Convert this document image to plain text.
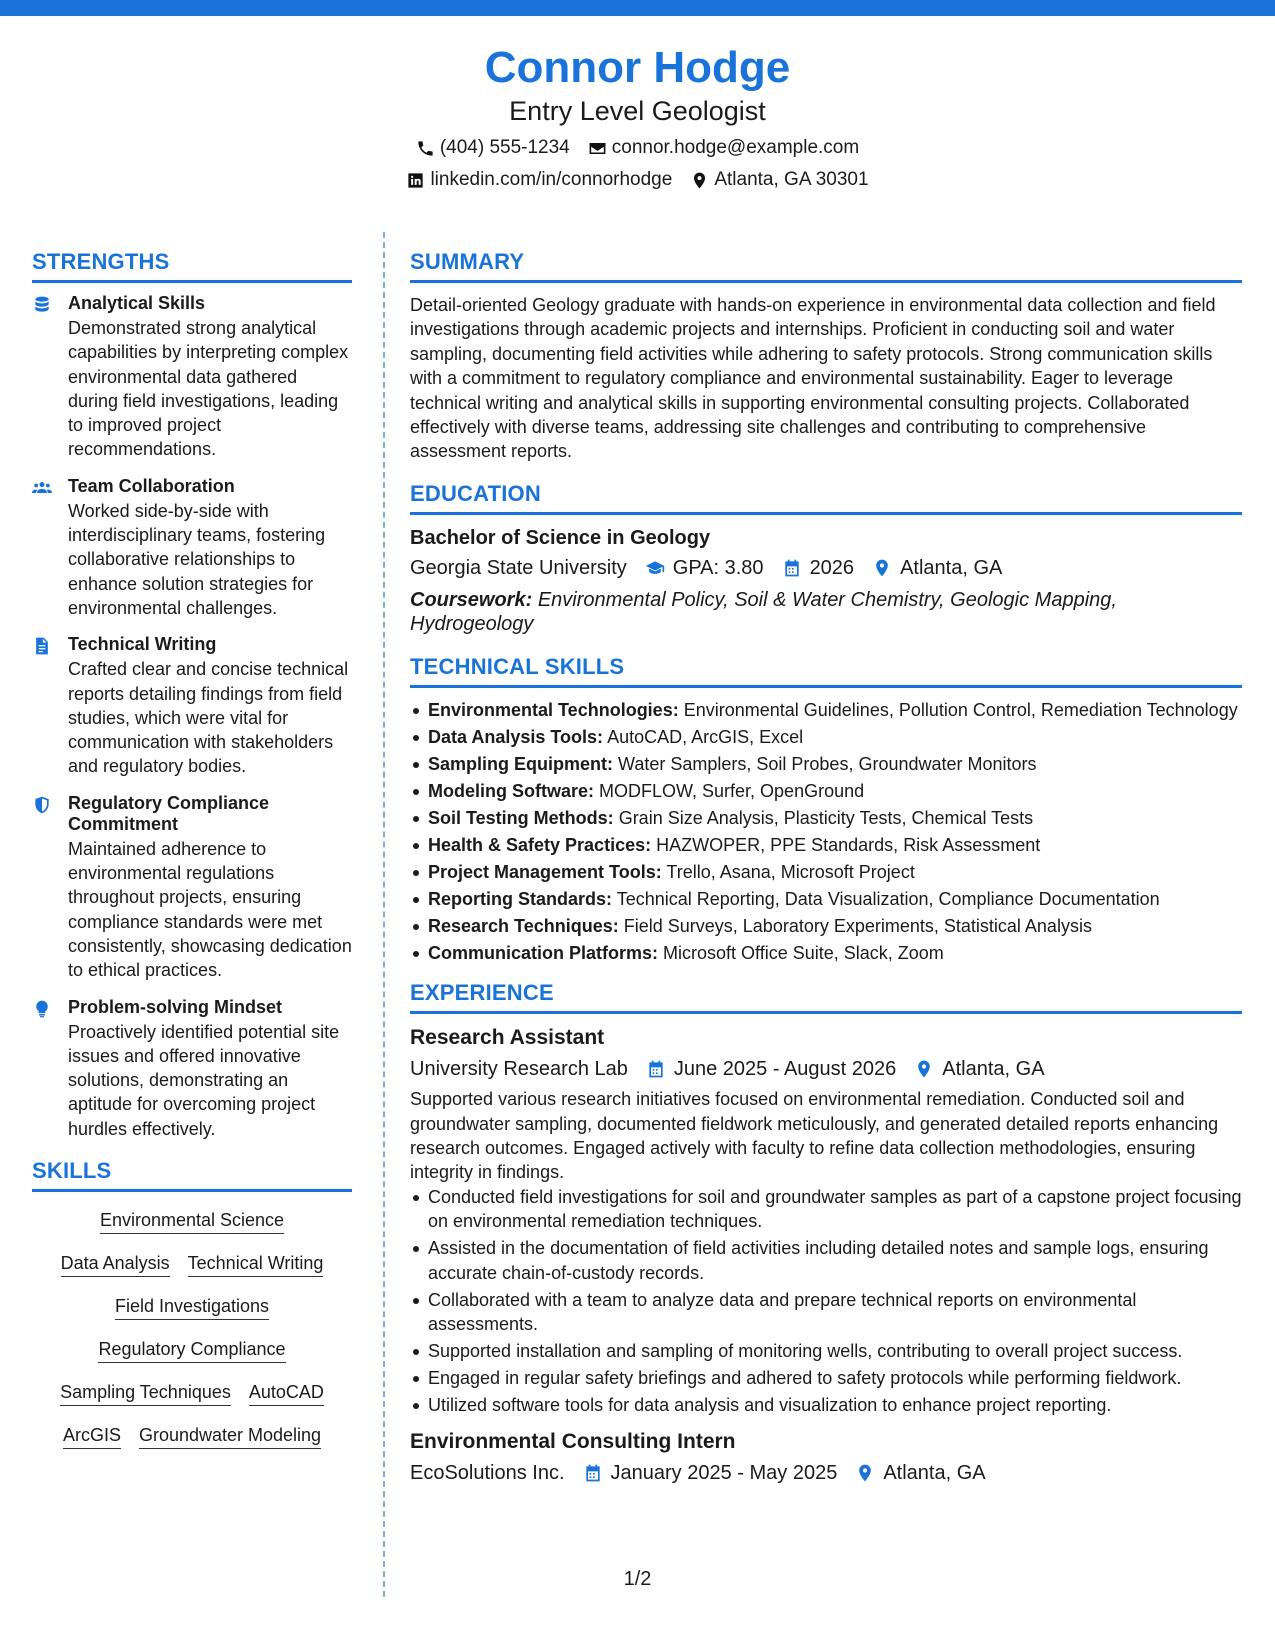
Connor Hodge
Entry Level Geologist
(404) 555-1234 connor.hodge@example.com
linkedin.com/in/connorhodge Atlanta, GA 30301
STRENGTHS
Analytical Skills
Demonstrated strong analytical capabilities by interpreting complex environmental data gathered during field investigations, leading to improved project recommendations.
Team Collaboration
Worked side-by-side with interdisciplinary teams, fostering collaborative relationships to enhance solution strategies for environmental challenges.
Technical Writing
Crafted clear and concise technical reports detailing findings from field studies, which were vital for communication with stakeholders and regulatory bodies.
Regulatory Compliance Commitment
Maintained adherence to environmental regulations throughout projects, ensuring compliance standards were met consistently, showcasing dedication to ethical practices.
Problem-solving Mindset
Proactively identified potential site issues and offered innovative solutions, demonstrating an aptitude for overcoming project hurdles effectively.
SKILLS
Environmental Science
Data Analysis Technical Writing
Field Investigations
Regulatory Compliance
Sampling Techniques AutoCAD
ArcGIS Groundwater Modeling
SUMMARY
Detail-oriented Geology graduate with hands-on experience in environmental data collection and field investigations through academic projects and internships. Proficient in conducting soil and water sampling, documenting field activities while adhering to safety protocols. Strong communication skills with a commitment to regulatory compliance and environmental sustainability. Eager to leverage technical writing and analytical skills in supporting environmental consulting projects. Collaborated effectively with diverse teams, addressing site challenges and contributing to comprehensive assessment reports.
EDUCATION
Bachelor of Science in Geology
Georgia State University GPA: 3.80 2026 Atlanta, GA
Coursework: Environmental Policy, Soil & Water Chemistry, Geologic Mapping, Hydrogeology
TECHNICAL SKILLS
Environmental Technologies: Environmental Guidelines, Pollution Control, Remediation Technology
Data Analysis Tools: AutoCAD, ArcGIS, Excel
Sampling Equipment: Water Samplers, Soil Probes, Groundwater Monitors
Modeling Software: MODFLOW, Surfer, OpenGround
Soil Testing Methods: Grain Size Analysis, Plasticity Tests, Chemical Tests
Health & Safety Practices: HAZWOPER, PPE Standards, Risk Assessment
Project Management Tools: Trello, Asana, Microsoft Project
Reporting Standards: Technical Reporting, Data Visualization, Compliance Documentation
Research Techniques: Field Surveys, Laboratory Experiments, Statistical Analysis
Communication Platforms: Microsoft Office Suite, Slack, Zoom
EXPERIENCE
Research Assistant
University Research Lab June 2025 - August 2026 Atlanta, GA
Supported various research initiatives focused on environmental remediation. Conducted soil and groundwater sampling, documented fieldwork meticulously, and generated detailed reports enhancing research outcomes. Engaged actively with faculty to refine data collection methodologies, ensuring integrity in findings.
Conducted field investigations for soil and groundwater samples as part of a capstone project focusing on environmental remediation techniques.
Assisted in the documentation of field activities including detailed notes and sample logs, ensuring accurate chain-of-custody records.
Collaborated with a team to analyze data and prepare technical reports on environmental assessments.
Supported installation and sampling of monitoring wells, contributing to overall project success.
Engaged in regular safety briefings and adhered to safety protocols while performing fieldwork.
Utilized software tools for data analysis and visualization to enhance project reporting.
Environmental Consulting Intern
EcoSolutions Inc. January 2025 - May 2025 Atlanta, GA
1/2
